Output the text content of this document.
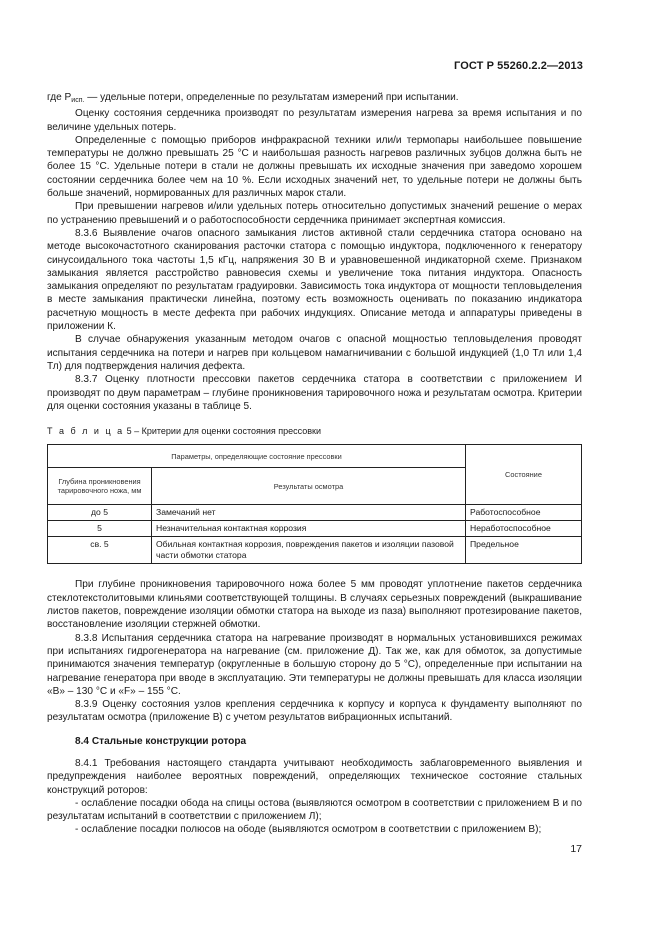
ГОСТ Р 55260.2.2—2013

где $Р_{исп.}$ — удельные потери, определенные по результатам измерений при испытании.

Оценку состояния сердечника производят по результатам измерения нагрева за время испытания и по величине удельных потерь.

Определенные с помощью приборов инфракрасной техники или/и термопары наибольшее повышение температуры не должно превышать 25 °С и наибольшая разность нагревов различных зубцов должна быть не более 15 °С. Удельные потери в стали не должны превышать их исходные значения при заведомо хорошем состоянии сердечника более чем на 10 %. Если исходных значений нет, то удельные потери не должны быть больше значений, нормированных для различных марок стали.

При превышении нагревов и/или удельных потерь относительно допустимых значений решение о мерах по устранению превышений и о работоспособности сердечника принимает экспертная комиссия.

8.3.6 Выявление очагов опасного замыкания листов активной стали сердечника статора основано на методе высокочастотного сканирования расточки статора с помощью индуктора, подключенного к генератору синусоидального тока частоты 1,5 кГц, напряжения 30 В и уравновешенной индикаторной схеме. Признаком замыкания является расстройство равновесия схемы и увеличение тока питания индуктора. Опасность замыкания определяют по результатам градуировки. Зависимость тока индуктора от мощности тепловыделения в месте замыкания практически линейна, поэтому есть возможность оценивать по показанию индикатора расчетную мощность в месте дефекта при рабочих индукциях. Описание метода и аппаратуры приведены в приложении К.

В случае обнаружения указанным методом очагов с опасной мощностью тепловыделения проводят испытания сердечника на потери и нагрев при кольцевом намагничивании с большой индукцией (1,0 Тл или 1,4 Тл) для подтверждения наличия дефекта.

8.3.7 Оценку плотности прессовки пакетов сердечника статора в соответствии с приложением И производят по двум параметрам – глубине проникновения тарировочного ножа и результатам осмотра. Критерии для оценки состояния указаны в таблице 5.

Т а б л и ц а 5 – Критерии для оценки состояния прессовки

Параметры, определяющие состояние прессовки		Состояние
Глубина проникновения тарировочного ножа, мм	Результаты осмотра	
до 5	Замечаний нет	Работоспособное
5	Незначительная контактная коррозия	Неработоспособное
св. 5	Обильная контактная коррозия, повреждения пакетов и изоляции пазовой части обмотки статора	Предельное

При глубине проникновения тарировочного ножа более 5 мм проводят уплотнение пакетов сердечника стеклотекстолитовыми клиньями соответствующей толщины. В случаях серьезных повреждений (выкрашивание листов пакетов, повреждение изоляции обмотки статора на выходе из паза) выполняют протезирование пакетов, восстановление изоляции стержней обмотки.

8.3.8 Испытания сердечника статора на нагревание производят в нормальных установившихся режимах при испытаниях гидрогенератора на нагревание (см. приложение Д). Так же, как для обмоток, за допустимые принимаются значения температур (округленные в большую сторону до 5 °С), определенные при испытании на нагревание генератора при вводе в эксплуатацию. Эти температуры не должны превышать для класса изоляции «В» – 130 °С и «F» – 155 °С.

8.3.9 Оценку состояния узлов крепления сердечника к корпусу и корпуса к фундаменту выполняют по результатам осмотра (приложение В) с учетом результатов вибрационных испытаний.

8.4 Стальные конструкции ротора

8.4.1 Требования настоящего стандарта учитывают необходимость заблаговременного выявления и предупреждения наиболее вероятных повреждений, определяющих техническое состояние стальных конструкций роторов:

- ослабление посадки обода на спицы остова (выявляются осмотром в соответствии с приложением В и по результатам испытаний в соответствии с приложением Л);

- ослабление посадки полюсов на ободе (выявляются осмотром в соответствии с приложением В);

17
